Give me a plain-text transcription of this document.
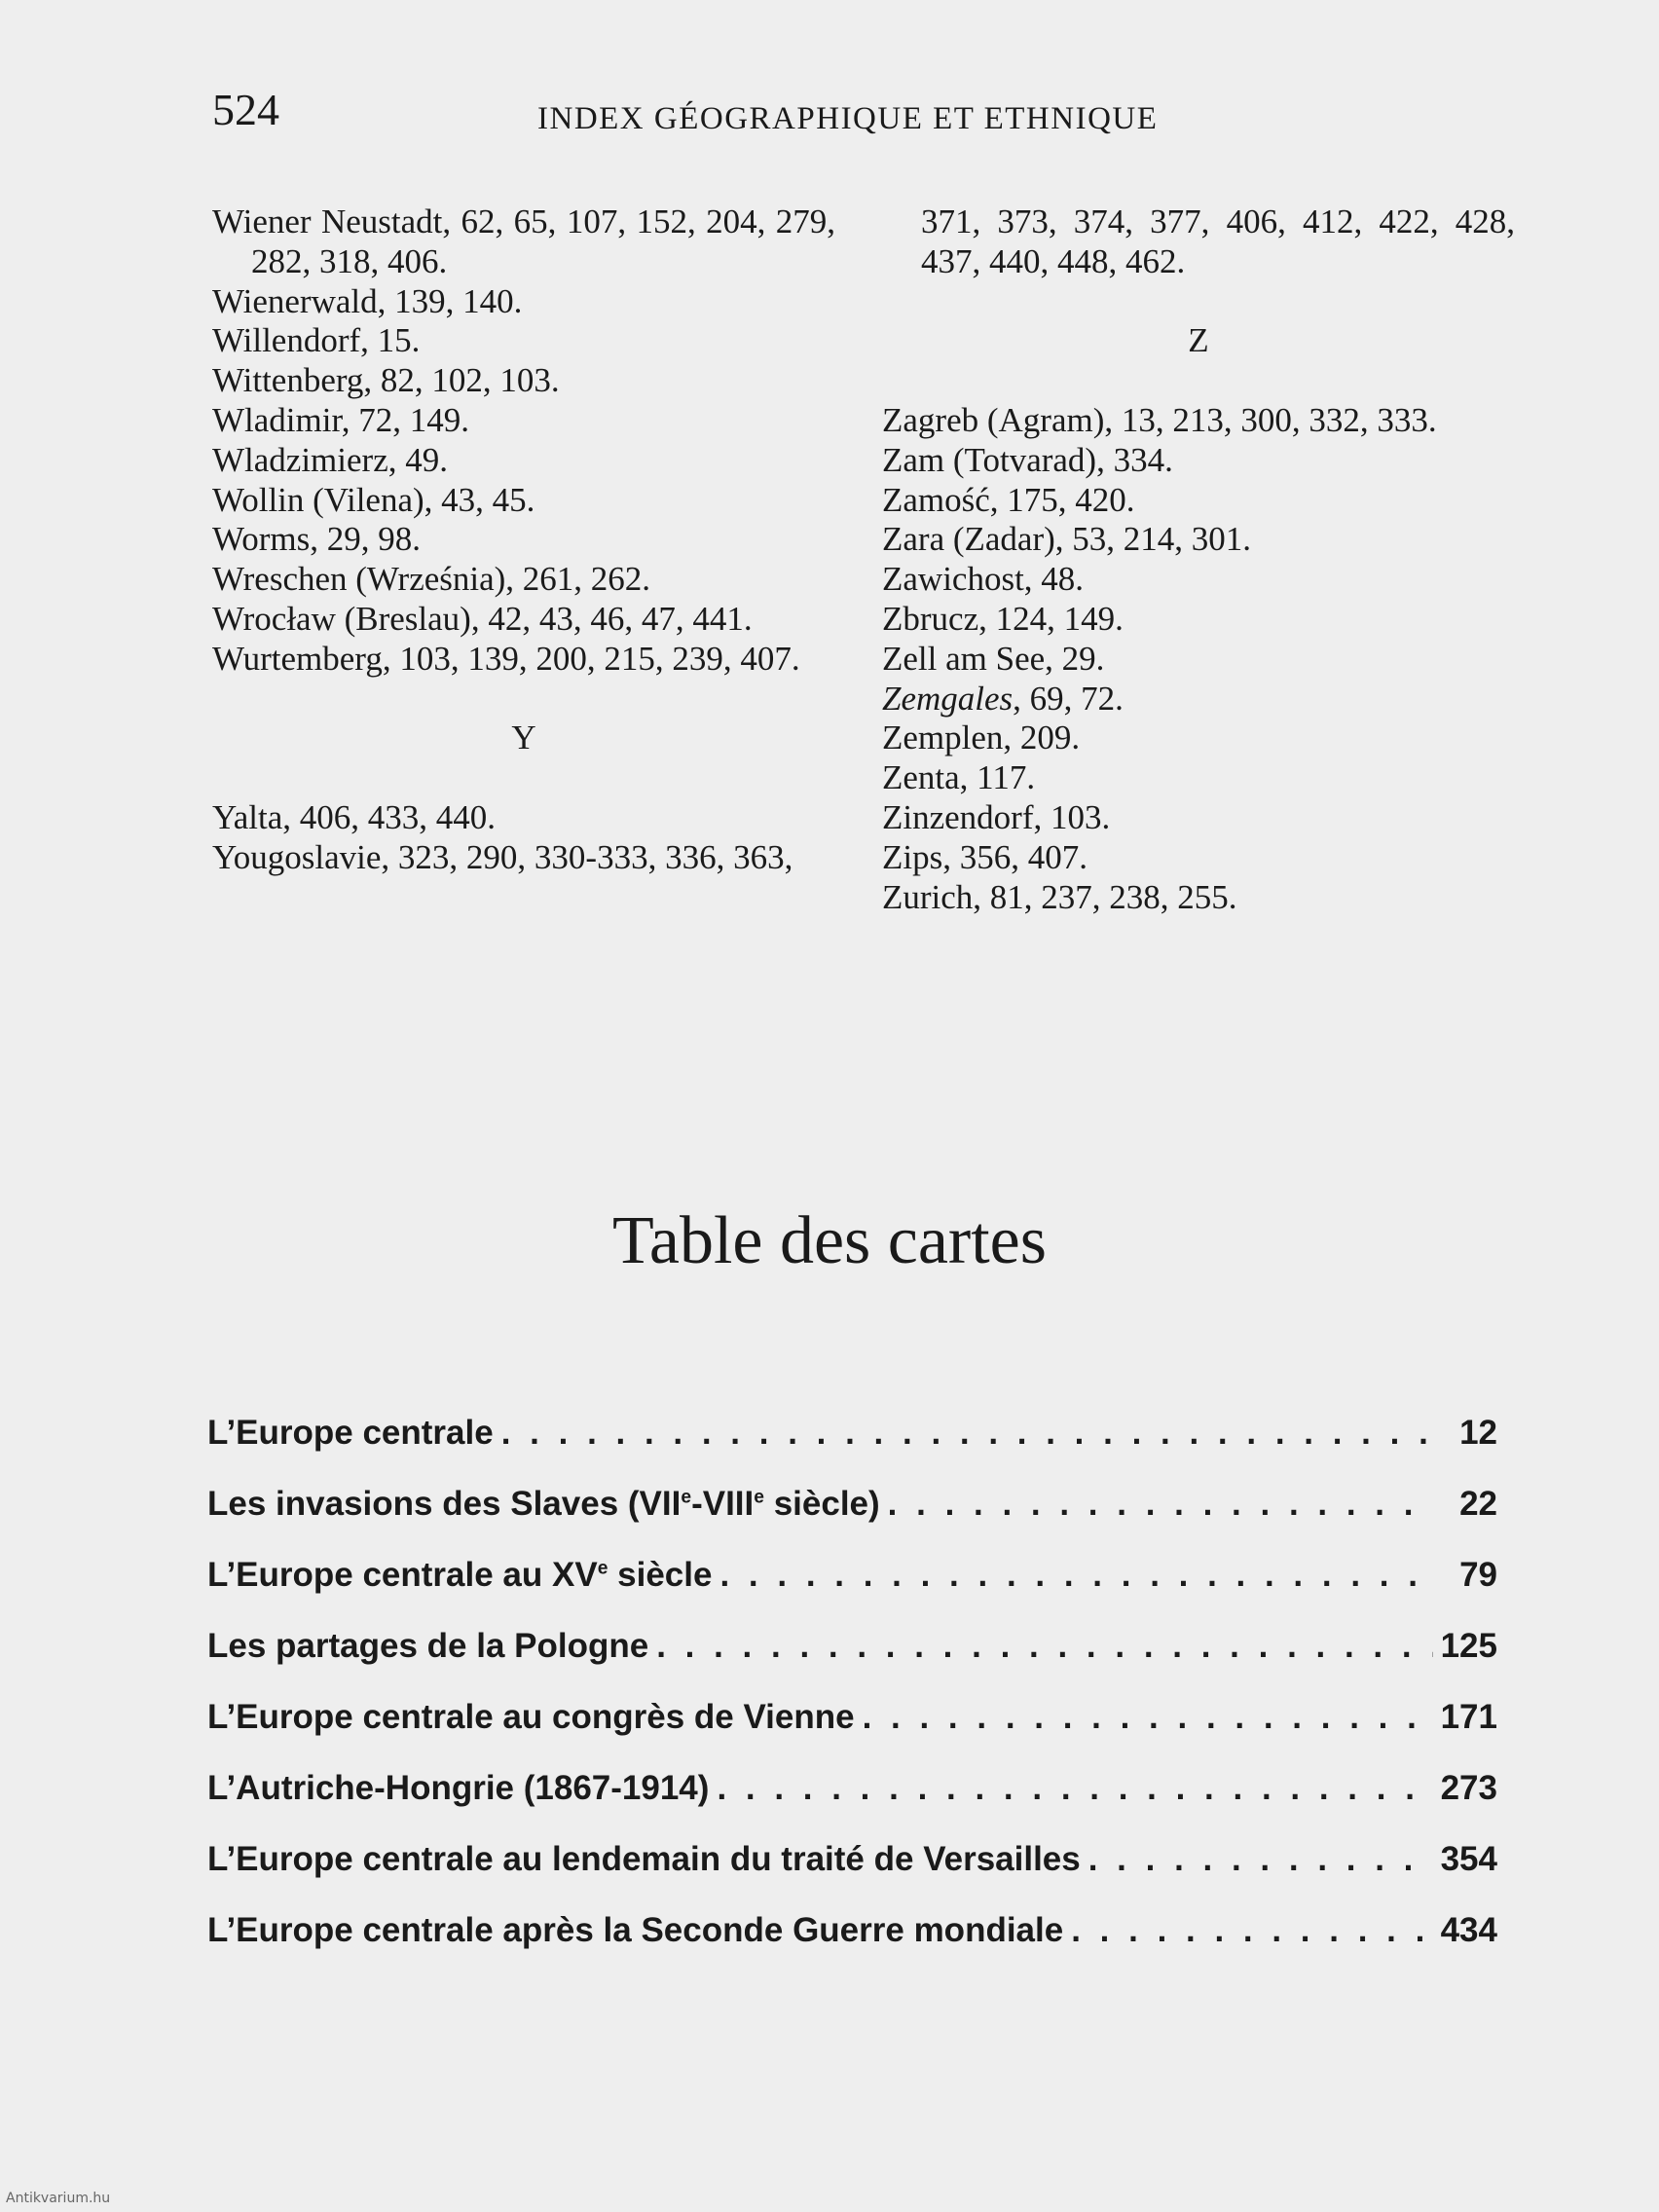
524	INDEX GÉOGRAPHIQUE ET ETHNIQUE
Wiener Neustadt, 62, 65, 107, 152, 204, 279, 282, 318, 406.
Wienerwald, 139, 140.
Willendorf, 15.
Wittenberg, 82, 102, 103.
Wladimir, 72, 149.
Wladzimierz, 49.
Wollin (Vilena), 43, 45.
Worms, 29, 98.
Wreschen (Września), 261, 262.
Wrocław (Breslau), 42, 43, 46, 47, 441.
Wurtemberg, 103, 139, 200, 215, 239, 407.
Y
Yalta, 406, 433, 440.
Yougoslavie, 323, 290, 330-333, 336, 363,
371, 373, 374, 377, 406, 412, 422, 428, 437, 440, 448, 462.
Z
Zagreb (Agram), 13, 213, 300, 332, 333.
Zam (Totvarad), 334.
Zamość, 175, 420.
Zara (Zadar), 53, 214, 301.
Zawichost, 48.
Zbrucz, 124, 149.
Zell am See, 29.
Zemgales, 69, 72.
Zemplen, 209.
Zenta, 117.
Zinzendorf, 103.
Zips, 356, 407.
Zurich, 81, 237, 238, 255.
Table des cartes
L’Europe centrale . . .	12
Les invasions des Slaves (VIIe-VIIIe siècle) . . .	22
L’Europe centrale au XVe siècle . . .	79
Les partages de la Pologne . . .	125
L’Europe centrale au congrès de Vienne . . .	171
L’Autriche-Hongrie (1867-1914) . . .	273
L’Europe centrale au lendemain du traité de Versailles . . .	354
L’Europe centrale après la Seconde Guerre mondiale . . .	434
Antikvarium.hu
